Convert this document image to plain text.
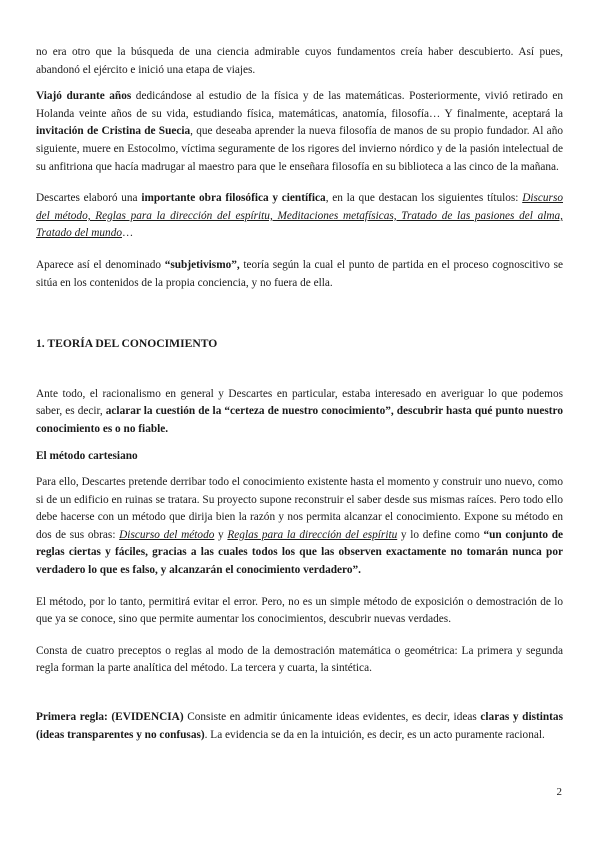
no era otro que la búsqueda de una ciencia admirable cuyos fundamentos creía haber descubierto. Así pues, abandonó el ejército e inició una etapa de viajes.

Viajó durante años dedicándose al estudio de la física y de las matemáticas. Posteriormente, vivió retirado en Holanda veinte años de su vida, estudiando física, matemáticas, anatomía, filosofía… Y finalmente, aceptará la invitación de Cristina de Suecia, que deseaba aprender la nueva filosofía de manos de su propio fundador. Al año siguiente, muere en Estocolmo, víctima seguramente de los rigores del invierno nórdico y de la pasión intelectual de su anfitriona que hacía madrugar al maestro para que le enseñara filosofía en su biblioteca a las cinco de la mañana.

Descartes elaboró una importante obra filosófica y científica, en la que destacan los siguientes títulos: Discurso del método, Reglas para la dirección del espíritu, Meditaciones metafísicas, Tratado de las pasiones del alma, Tratado del mundo…

Aparece así el denominado “subjetivismo”, teoría según la cual el punto de partida en el proceso cognoscitivo se sitúa en los contenidos de la propia conciencia, y no fuera de ella.

1. TEORÍA DEL CONOCIMIENTO

Ante todo, el racionalismo en general y Descartes en particular, estaba interesado en averiguar lo que podemos saber, es decir, aclarar la cuestión de la “certeza de nuestro conocimiento”, descubrir hasta qué punto nuestro conocimiento es o no fiable.

El método cartesiano

Para ello, Descartes pretende derribar todo el conocimiento existente hasta el momento y construir uno nuevo, como si de un edificio en ruinas se tratara. Su proyecto supone reconstruir el saber desde sus mismas raíces. Pero todo ello debe hacerse con un método que dirija bien la razón y nos permita alcanzar el conocimiento. Expone su método en dos de sus obras: Discurso del método y Reglas para la dirección del espíritu y lo define como “un conjunto de reglas ciertas y fáciles, gracias a las cuales todos los que las observen exactamente no tomarán nunca por verdadero lo que es falso, y alcanzarán el conocimiento verdadero”.

El método, por lo tanto, permitirá evitar el error. Pero, no es un simple método de exposición o demostración de lo que ya se conoce, sino que permite aumentar los conocimientos, descubrir nuevas verdades.

Consta de cuatro preceptos o reglas al modo de la demostración matemática o geométrica: La primera y segunda regla forman la parte analítica del método. La tercera y cuarta, la sintética.

Primera regla: (EVIDENCIA) Consiste en admitir únicamente ideas evidentes, es decir, ideas claras y distintas (ideas transparentes y no confusas). La evidencia se da en la intuición, es decir, es un acto puramente racional.

2
